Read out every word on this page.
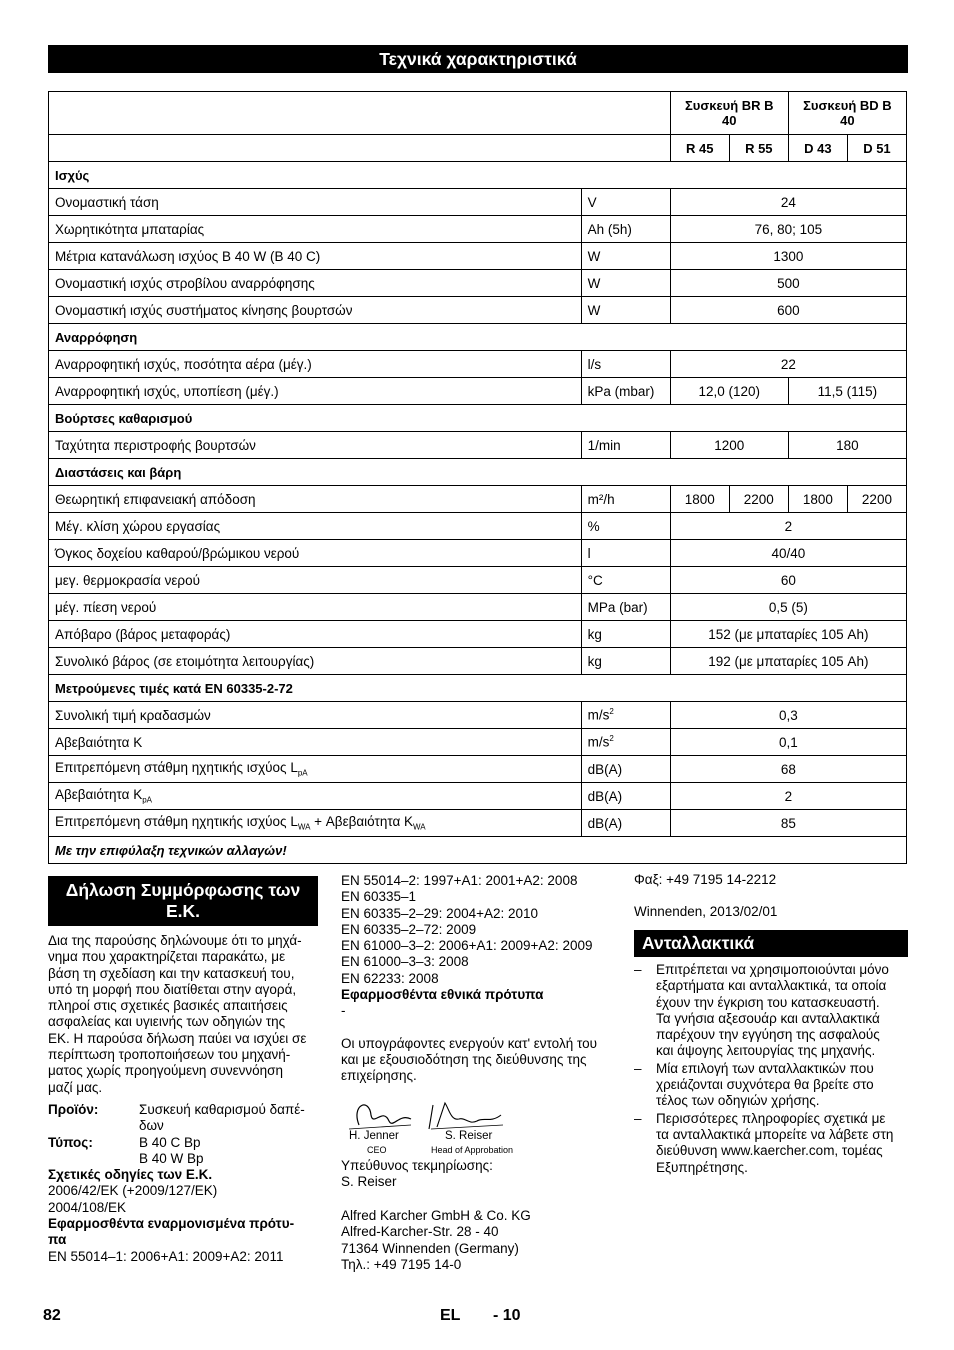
Τεχνικά χαρακτηριστικά
		Συσκευή BR B 40		Συσκευή BD B 40	
		R 45	R 55	D 43	D 51
Ισχύς					
Ονομαστική τάση	V	24			
Χωρητικότητα μπαταρίας	Ah (5h)	76, 80; 105			
Μέτρια κατανάλωση ισχύος B 40 W (B 40 C)	W	1300			
Ονομαστική ισχύς στροβίλου αναρρόφησης	W	500			
Ονομαστική ισχύς συστήματος κίνησης βουρτσών	W	600			
Αναρρόφηση					
Αναρροφητική ισχύς, ποσότητα αέρα (μέγ.)	l/s	22			
Αναρροφητική ισχύς, υποπίεση (μέγ.)	kPa (mbar)	12,0 (120)		11,5 (115)	
Βούρτσες καθαρισμού					
Ταχύτητα περιστροφής βουρτσών	1/min	1200		180	
Διαστάσεις και βάρη					
Θεωρητική επιφανειακή απόδοση	m²/h	1800	2200	1800	2200
Μέγ. κλίση χώρου εργασίας	%	2			
Όγκος δοχείου καθαρού/βρώμικου νερού	l	40/40			
μεγ. θερμοκρασία νερού	°C	60			
μέγ. πίεση νερού	MPa (bar)	0,5 (5)			
Απόβαρο (βάρος μεταφοράς)	kg	152 (με μπαταρίες 105 Ah)			
Συνολικό βάρος (σε ετοιμότητα λειτουργίας)	kg	192 (με μπαταρίες 105 Ah)			
Μετρούμενες τιμές κατά EN 60335-2-72					
Συνολική τιμή κραδασμών	$m/s^2$	0,3			
Αβεβαιότητα K	$m/s^2$	0,1			
Επιτρεπόμενη στάθμη ηχητικής ισχύος $L_{pA}$	dB(A)	68			
Αβεβαιότητα $K_{pA}$	dB(A)	2			
Επιτρεπόμενη στάθμη ηχητικής ισχύος $L_{WA} + A\beta\varepsilon\beta\alpha\iota ό\tau\eta\tau\alpha$ $K_{WA}$	dB(A)	85			
Με την επιφύλαξη τεχνικών αλλαγών!					
Δήλωση Συμμόρφωσης των Ε.Κ.

Δια της παρούσης δηλώνουμε ότι το μηχά-

νημα που χαρακτηρίζεται παρακάτω, με

βάση τη σχεδίαση και την κατασκευή του,

υπό τη μορφή που διατίθεται στην αγορά,

πληροί στις σχετικές βασικές απαιτήσεις

ασφαλείας και υγιεινής των οδηγιών της

ΕΚ. Η παρούσα δήλωση παύει να ισχύει σε

περίπτωση τροποποιήσεων του μηχανή-

ματος χωρίς προηγούμενη συνεννόηση

μαζί μας.

Προϊόν:	Συσκευή καθαρισμού δαπέ-

δων

Τύπος:	B 40 C Bp

B 40 W Bp

Σχετικές οδηγίες των Ε.Κ.

2006/42/EK (+2009/127/EK)

2004/108/EK

Εφαρμοσθέντα εναρμονισμένα πρότυ-

πα

EN 55014–1: 2006+A1: 2009+A2: 2011

EN 55014–2: 1997+A1: 2001+A2: 2008

EN 60335–1

EN 60335–2–29: 2004+A2: 2010

EN 60335–2–72: 2009

EN 61000–3–2: 2006+A1: 2009+A2: 2009

EN 61000–3–3: 2008

EN 62233: 2008

Εφαρμοσθέντα εθνικά πρότυπα

-

Οι υπογράφοντες ενεργούν κατ' εντολή του

και με εξουσιοδότηση της διεύθυνσης της

επιχείρησης.

Υπεύθυνος τεκμηρίωσης:

S. Reiser

Alfred Karcher GmbH & Co. KG

Alfred-Karcher-Str. 28 - 40

71364 Winnenden (Germany)

Τηλ.: +49 7195 14-0

H. Jenner
CEO
S. Reiser
Head of Approbation

Φαξ: +49 7195 14-2212

Winnenden, 2013/02/01

Ανταλλακτικά
– Επιτρέπεται να χρησιμοποιούνται μόνο

εξαρτήματα και ανταλλακτικά, τα οποία

έχουν την έγκριση του κατασκευαστή.

Τα γνήσια αξεσουάρ και ανταλλακτικά

παρέχουν την εγγύηση της ασφαλούς

και άψογης λειτουργίας της μηχανής.

– Μία επιλογή των ανταλλακτικών που

χρειάζονται συχνότερα θα βρείτε στο

τέλος των οδηγιών χρήσης.

– Περισσότερες πληροφορίες σχετικά με

τα ανταλλακτικά μπορείτε να λάβετε στη

διεύθυνση www.kaercher.com, τομέας

Εξυπηρέτησης.

82	EL - 10
